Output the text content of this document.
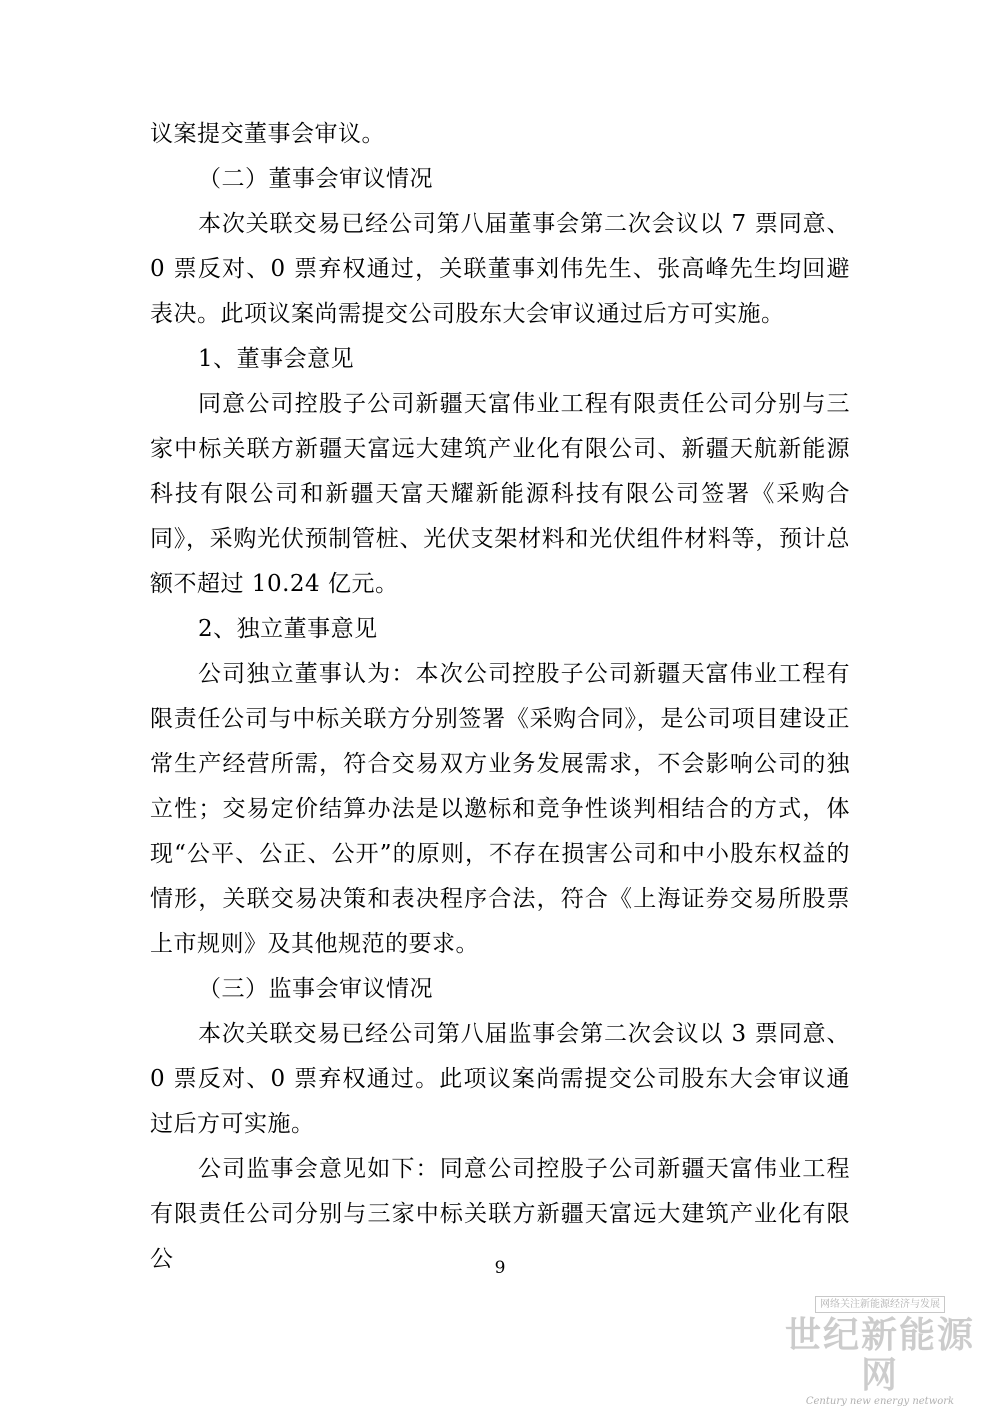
议案提交董事会审议。

（二）董事会审议情况

本次关联交易已经公司第八届董事会第二次会议以 7 票同意、0 票反对、0 票弃权通过，关联董事刘伟先生、张高峰先生均回避表决。此项议案尚需提交公司股东大会审议通过后方可实施。

1、董事会意见

同意公司控股子公司新疆天富伟业工程有限责任公司分别与三家中标关联方新疆天富远大建筑产业化有限公司、新疆天航新能源科技有限公司和新疆天富天耀新能源科技有限公司签署《采购合同》，采购光伏预制管桩、光伏支架材料和光伏组件材料等，预计总额不超过 10.24 亿元。

2、独立董事意见

公司独立董事认为：本次公司控股子公司新疆天富伟业工程有限责任公司与中标关联方分别签署《采购合同》，是公司项目建设正常生产经营所需，符合交易双方业务发展需求，不会影响公司的独立性；交易定价结算办法是以邀标和竞争性谈判相结合的方式，体现“公平、公正、公开”的原则，不存在损害公司和中小股东权益的情形，关联交易决策和表决程序合法，符合《上海证券交易所股票上市规则》及其他规范的要求。

（三）监事会审议情况

本次关联交易已经公司第八届监事会第二次会议以 3 票同意、0 票反对、0 票弃权通过。此项议案尚需提交公司股东大会审议通过后方可实施。

公司监事会意见如下：同意公司控股子公司新疆天富伟业工程有限责任公司分别与三家中标关联方新疆天富远大建筑产业化有限公	9
网络关注新能源经济与发展
世纪新能源网
Century new energy network
